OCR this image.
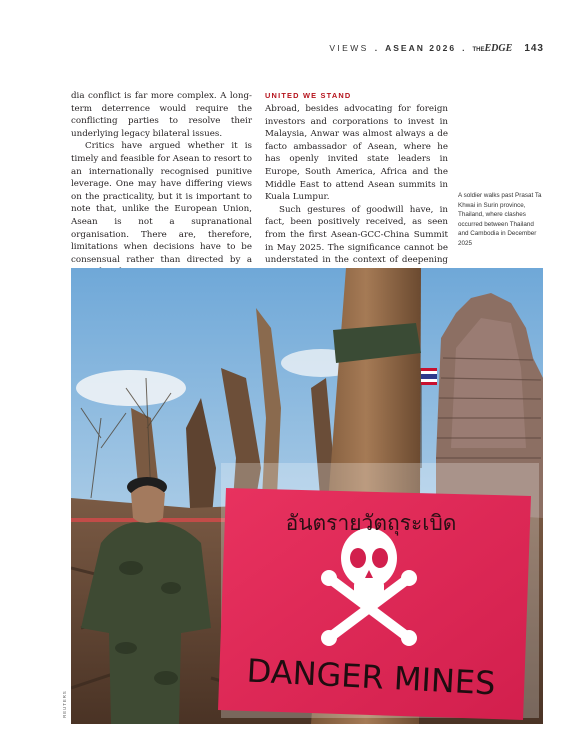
VIEWS . ASEAN 2026 . THE EDGE 143

dia conflict is far more complex. A long-term deterrence would require the conflicting parties to resolve their underlying legacy bilateral issues.

Critics have argued whether it is timely and feasible for Asean to resort to an internationally recognised punitive leverage. One may have differing views on the practicality, but it is important to note that, unlike the European Union, Asean is not a supranational organisation. There are, therefore, limitations when decisions have to be consensual rather than directed by a

UNITED WE STAND

Abroad, besides advocating for foreign investors and corporations to invest in Malaysia, Anwar was almost always a de facto ambassador of Asean, where he has openly invited state leaders in Europe, South America, Africa and the Middle East to attend Asean summits in Kuala Lumpur.

Such gestures of goodwill have, in fact, been positively received, as seen from the first Asean-GCC-China Summit in May 2025. The significance cannot be understated in the context of deepening

A soldier walks past Prasat Ta Khwai in Surin province, Thailand, where clashes occurred between Thailand and Cambodia in December 2025
REUTERS
อันตรายวัตถุระเบิด
DANGER MINES
